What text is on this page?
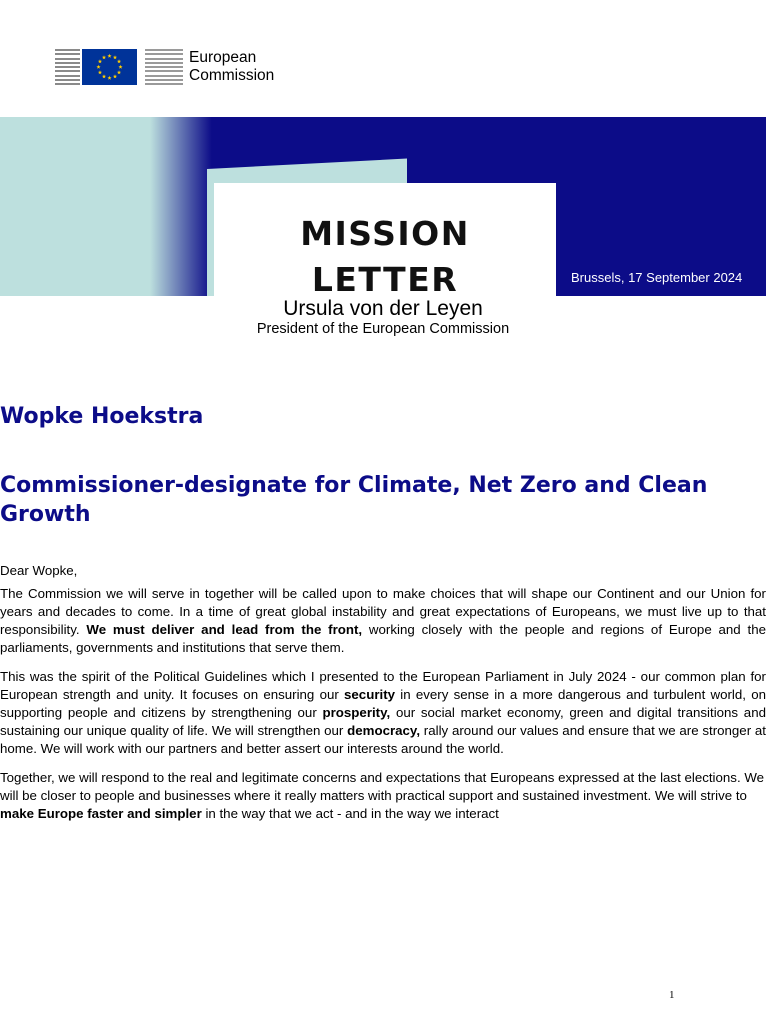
European
Commission
MISSION
LETTER	Brussels, 17 September 2024
Ursula von der Leyen
President of the European Commission
Wopke Hoekstra
Commissioner-designate for Climate, Net Zero and Clean Growth

Dear Wopke,

The Commission we will serve in together will be called upon to make choices that will shape our Continent and our Union for years and decades to come. In a time of great global instability and great expectations of Europeans, we must live up to that responsibility. We must deliver and lead from the front, working closely with the people and regions of Europe and the parliaments, governments and institutions that serve them.

This was the spirit of the Political Guidelines which I presented to the European Parliament in July 2024 - our common plan for European strength and unity. It focuses on ensuring our security in every sense in a more dangerous and turbulent world, on supporting people and citizens by strengthening our prosperity, our social market economy, green and digital transitions and sustaining our unique quality of life. We will strengthen our democracy, rally around our values and ensure that we are stronger at home. We will work with our partners and better assert our interests around the world.

Together, we will respond to the real and legitimate concerns and expectations that Europeans expressed at the last elections. We will be closer to people and businesses where it really matters with practical support and sustained investment. We will strive to make Europe faster and simpler in the way that we act - and in the way we interact

1
